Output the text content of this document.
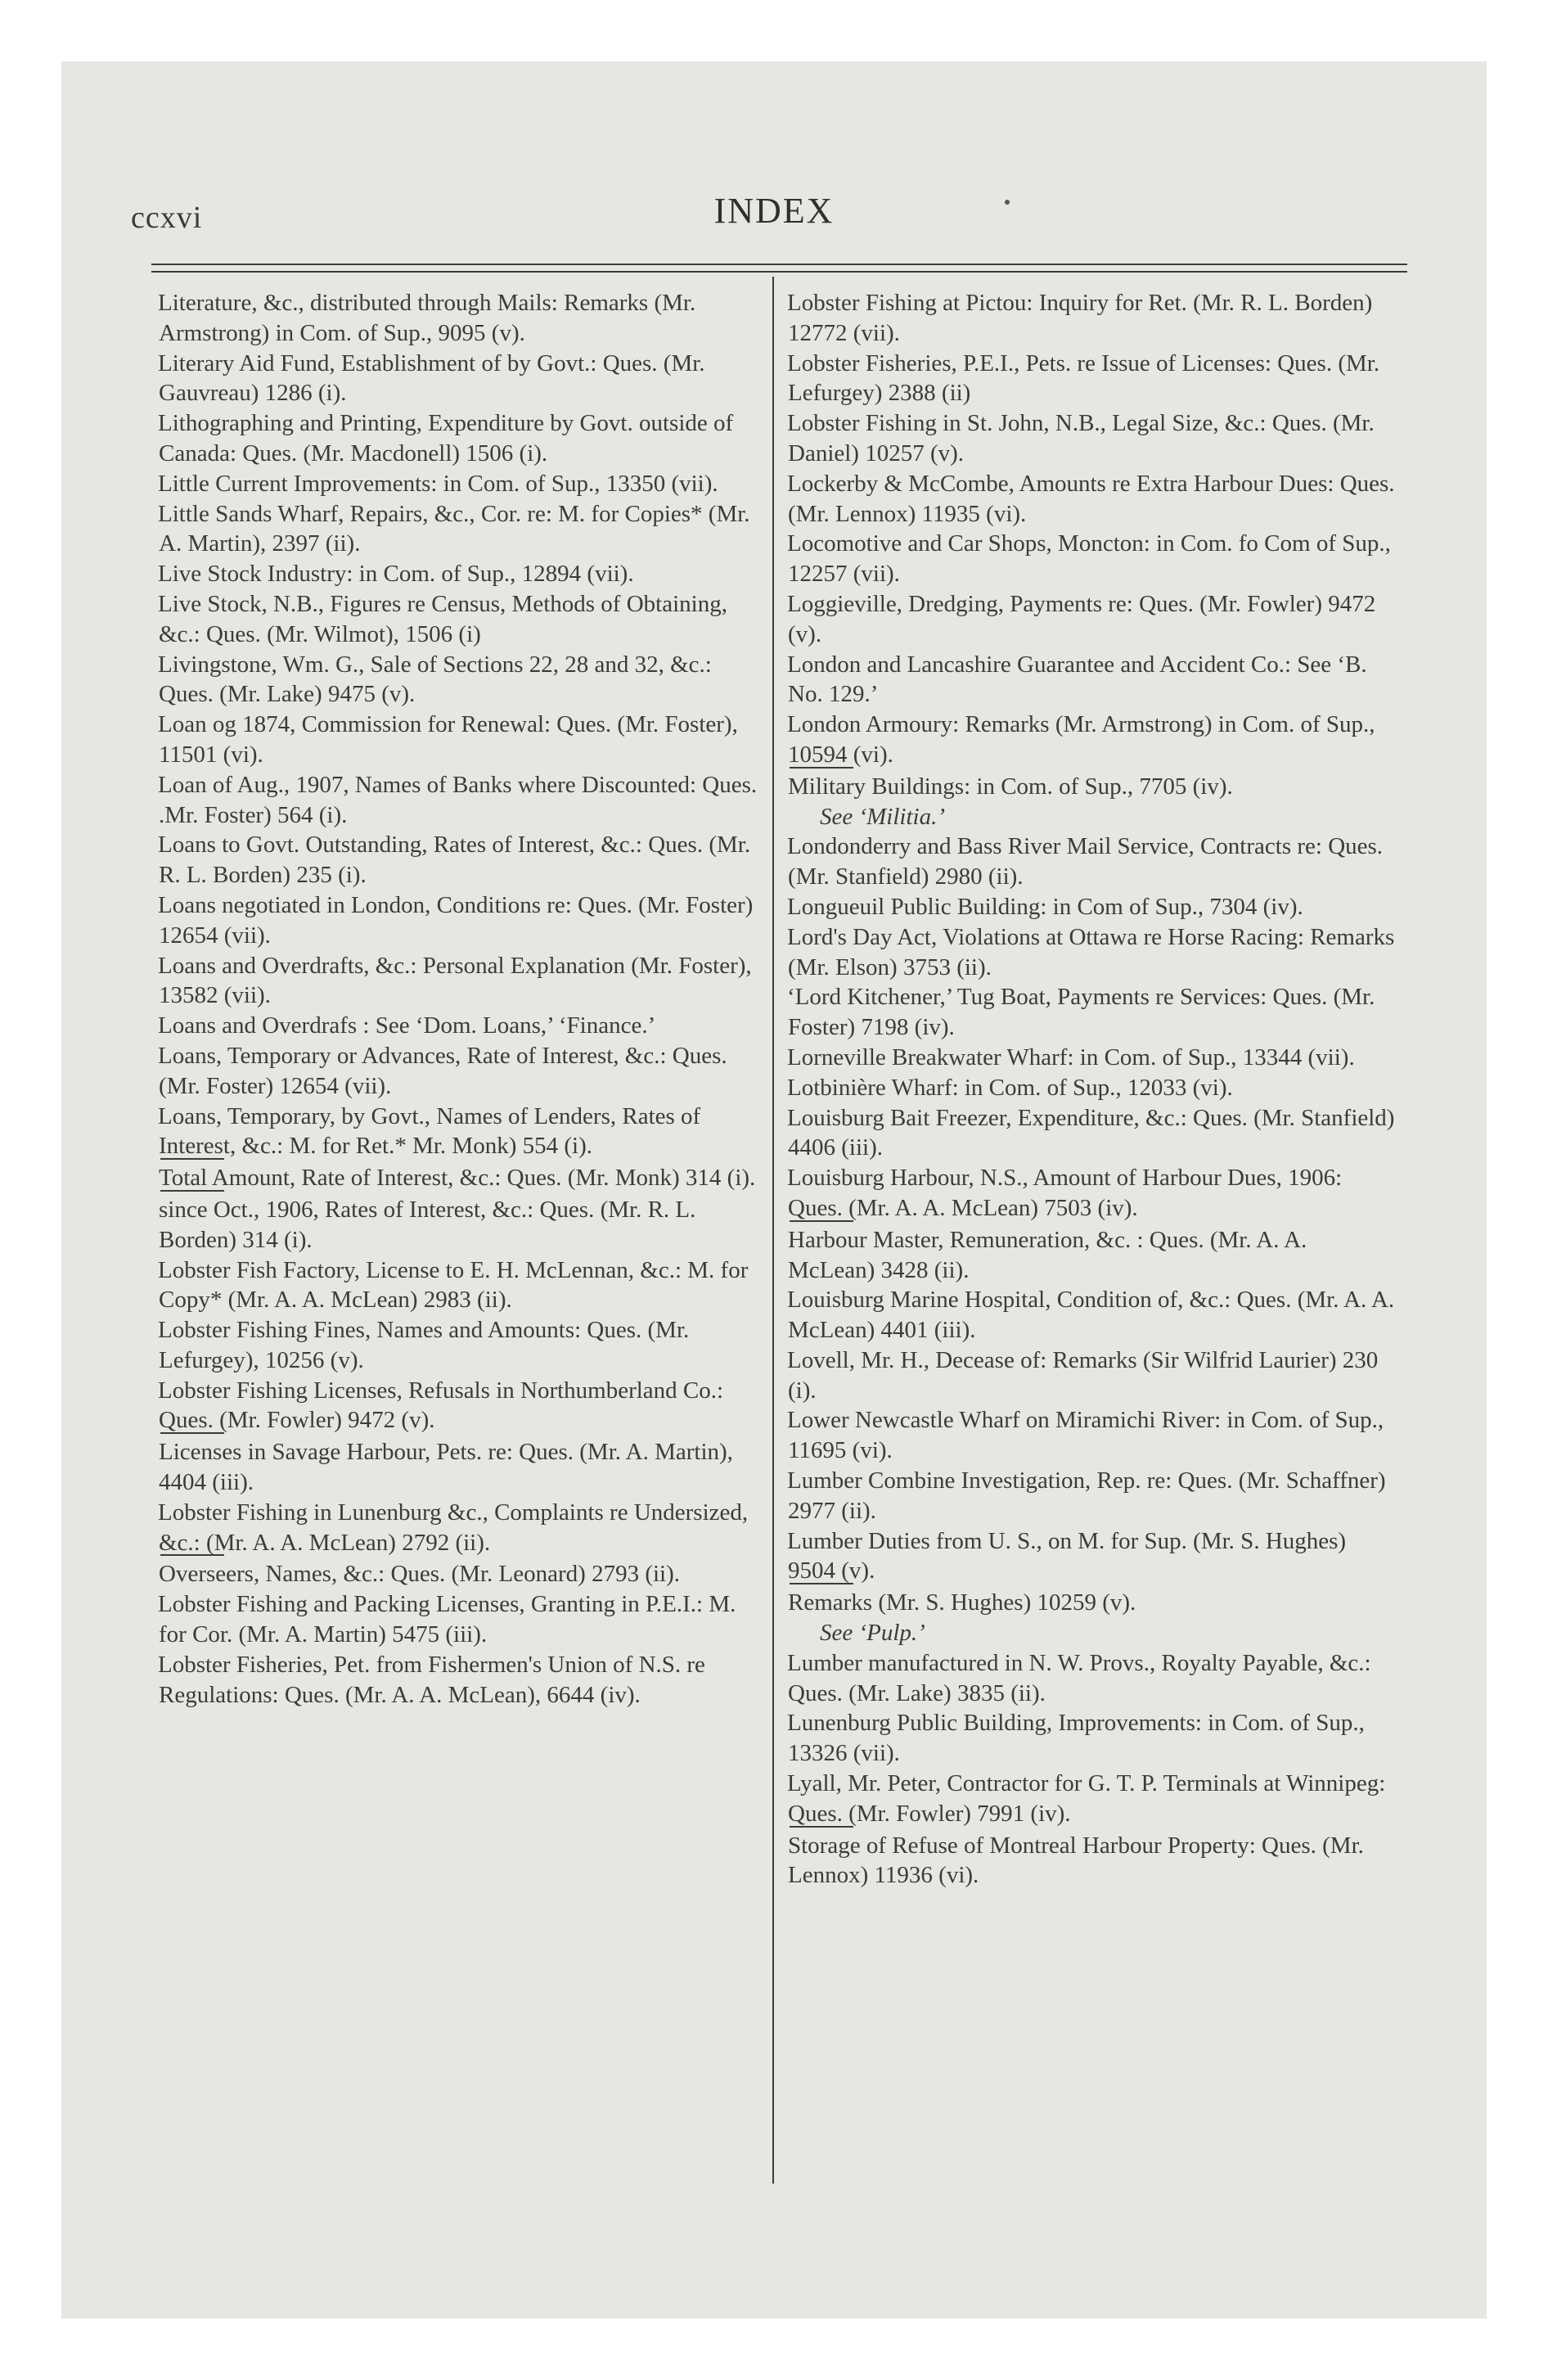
ccxvi	INDEX
Literature, &c., distributed through Mails: Remarks (Mr. Armstrong) in Com. of Sup., 9095 (v).
Literary Aid Fund, Establishment of by Govt.: Ques. (Mr. Gauvreau) 1286 (i).
Lithographing and Printing, Expenditure by Govt. outside of Canada: Ques. (Mr. Macdonell) 1506 (i).
Little Current Improvements: in Com. of Sup., 13350 (vii).
Little Sands Wharf, Repairs, &c., Cor. re: M. for Copies* (Mr. A. Martin), 2397 (ii).
Live Stock Industry: in Com. of Sup., 12894 (vii).
Live Stock, N.B., Figures re Census, Methods of Obtaining, &c.: Ques. (Mr. Wilmot), 1506 (i)
Livingstone, Wm. G., Sale of Sections 22, 28 and 32, &c.: Ques. (Mr. Lake) 9475 (v).
Loan og 1874, Commission for Renewal: Ques. (Mr. Foster), 11501 (vi).
Loan of Aug., 1907, Names of Banks where Discounted: Ques. .Mr. Foster) 564 (i).
Loans to Govt. Outstanding, Rates of Interest, &c.: Ques. (Mr. R. L. Borden) 235 (i).
Loans negotiated in London, Conditions re: Ques. (Mr. Foster) 12654 (vii).
Loans and Overdrafts, &c.: Personal Explanation (Mr. Foster), 13582 (vii).
Loans and Overdrafs : See ‘Dom. Loans,’ ‘Finance.’
Loans, Temporary or Advances, Rate of Interest, &c.: Ques. (Mr. Foster) 12654 (vii).
Loans, Temporary, by Govt., Names of Lenders, Rates of Interest, &c.: M. for Ret.* Mr. Monk) 554 (i).
Total Amount, Rate of Interest, &c.: Ques. (Mr. Monk) 314 (i).
since Oct., 1906, Rates of Interest, &c.: Ques. (Mr. R. L. Borden) 314 (i).
Lobster Fish Factory, License to E. H. McLennan, &c.: M. for Copy* (Mr. A. A. McLean) 2983 (ii).
Lobster Fishing Fines, Names and Amounts: Ques. (Mr. Lefurgey), 10256 (v).
Lobster Fishing Licenses, Refusals in Northumberland Co.: Ques. (Mr. Fowler) 9472 (v).
Licenses in Savage Harbour, Pets. re: Ques. (Mr. A. Martin), 4404 (iii).
Lobster Fishing in Lunenburg &c., Complaints re Undersized, &c.: (Mr. A. A. McLean) 2792 (ii).
Overseers, Names, &c.: Ques. (Mr. Leonard) 2793 (ii).
Lobster Fishing and Packing Licenses, Granting in P.E.I.: M. for Cor. (Mr. A. Martin) 5475 (iii).
Lobster Fisheries, Pet. from Fishermen's Union of N.S. re Regulations: Ques. (Mr. A. A. McLean), 6644 (iv).
Lobster Fishing at Pictou: Inquiry for Ret. (Mr. R. L. Borden) 12772 (vii).
Lobster Fisheries, P.E.I., Pets. re Issue of Licenses: Ques. (Mr. Lefurgey) 2388 (ii)
Lobster Fishing in St. John, N.B., Legal Size, &c.: Ques. (Mr. Daniel) 10257 (v).
Lockerby & McCombe, Amounts re Extra Harbour Dues: Ques. (Mr. Lennox) 11935 (vi).
Locomotive and Car Shops, Moncton: in Com. fo Com of Sup., 12257 (vii).
Loggieville, Dredging, Payments re: Ques. (Mr. Fowler) 9472 (v).
London and Lancashire Guarantee and Accident Co.: See ‘B. No. 129.’
London Armoury: Remarks (Mr. Armstrong) in Com. of Sup., 10594 (vi).
Military Buildings: in Com. of Sup., 7705 (iv).
See ‘Militia.’
Londonderry and Bass River Mail Service, Contracts re: Ques. (Mr. Stanfield) 2980 (ii).
Longueuil Public Building: in Com of Sup., 7304 (iv).
Lord's Day Act, Violations at Ottawa re Horse Racing: Remarks (Mr. Elson) 3753 (ii).
‘Lord Kitchener,’ Tug Boat, Payments re Services: Ques. (Mr. Foster) 7198 (iv).
Lorneville Breakwater Wharf: in Com. of Sup., 13344 (vii).
Lotbinière Wharf: in Com. of Sup., 12033 (vi).
Louisburg Bait Freezer, Expenditure, &c.: Ques. (Mr. Stanfield) 4406 (iii).
Louisburg Harbour, N.S., Amount of Harbour Dues, 1906: Ques. (Mr. A. A. McLean) 7503 (iv).
Harbour Master, Remuneration, &c. : Ques. (Mr. A. A. McLean) 3428 (ii).
Louisburg Marine Hospital, Condition of, &c.: Ques. (Mr. A. A. McLean) 4401 (iii).
Lovell, Mr. H., Decease of: Remarks (Sir Wilfrid Laurier) 230 (i).
Lower Newcastle Wharf on Miramichi River: in Com. of Sup., 11695 (vi).
Lumber Combine Investigation, Rep. re: Ques. (Mr. Schaffner) 2977 (ii).
Lumber Duties from U. S., on M. for Sup. (Mr. S. Hughes) 9504 (v).
Remarks (Mr. S. Hughes) 10259 (v).
See ‘Pulp.’
Lumber manufactured in N. W. Provs., Royalty Payable, &c.: Ques. (Mr. Lake) 3835 (ii).
Lunenburg Public Building, Improvements: in Com. of Sup., 13326 (vii).
Lyall, Mr. Peter, Contractor for G. T. P. Terminals at Winnipeg: Ques. (Mr. Fowler) 7991 (iv).
Storage of Refuse of Montreal Harbour Property: Ques. (Mr. Lennox) 11936 (vi).
